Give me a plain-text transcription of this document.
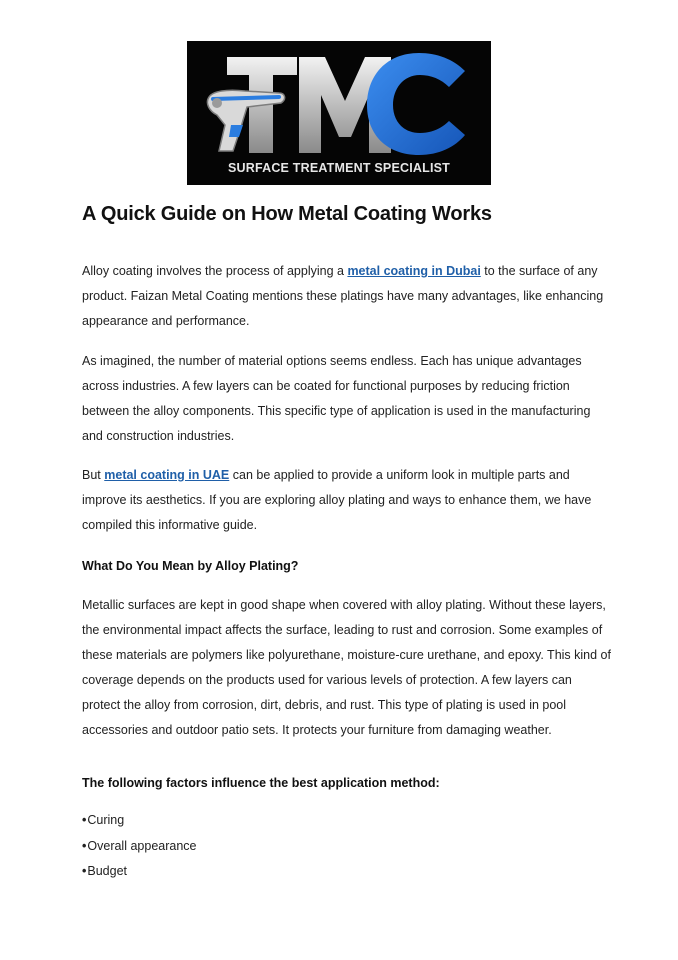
SURFACE TREATMENT SPECIALIST
A Quick Guide on How Metal Coating Works

Alloy coating involves the process of applying a metal coating in Dubai to the surface of any product. Faizan Metal Coating mentions these platings have many advantages, like enhancing appearance and performance.

As imagined, the number of material options seems endless. Each has unique advantages across industries. A few layers can be coated for functional purposes by reducing friction between the alloy components. This specific type of application is used in the manufacturing and construction industries.

But metal coating in UAE can be applied to provide a uniform look in multiple parts and improve its aesthetics. If you are exploring alloy plating and ways to enhance them, we have compiled this informative guide.

What Do You Mean by Alloy Plating?

Metallic surfaces are kept in good shape when covered with alloy plating. Without these layers, the environmental impact affects the surface, leading to rust and corrosion. Some examples of these materials are polymers like polyurethane, moisture-cure urethane, and epoxy. This kind of coverage depends on the products used for various levels of protection. A few layers can protect the alloy from corrosion, dirt, debris, and rust. This type of plating is used in pool accessories and outdoor patio sets. It protects your furniture from damaging weather.

The following factors influence the best application method:
• Curing
• Overall appearance
• Budget
